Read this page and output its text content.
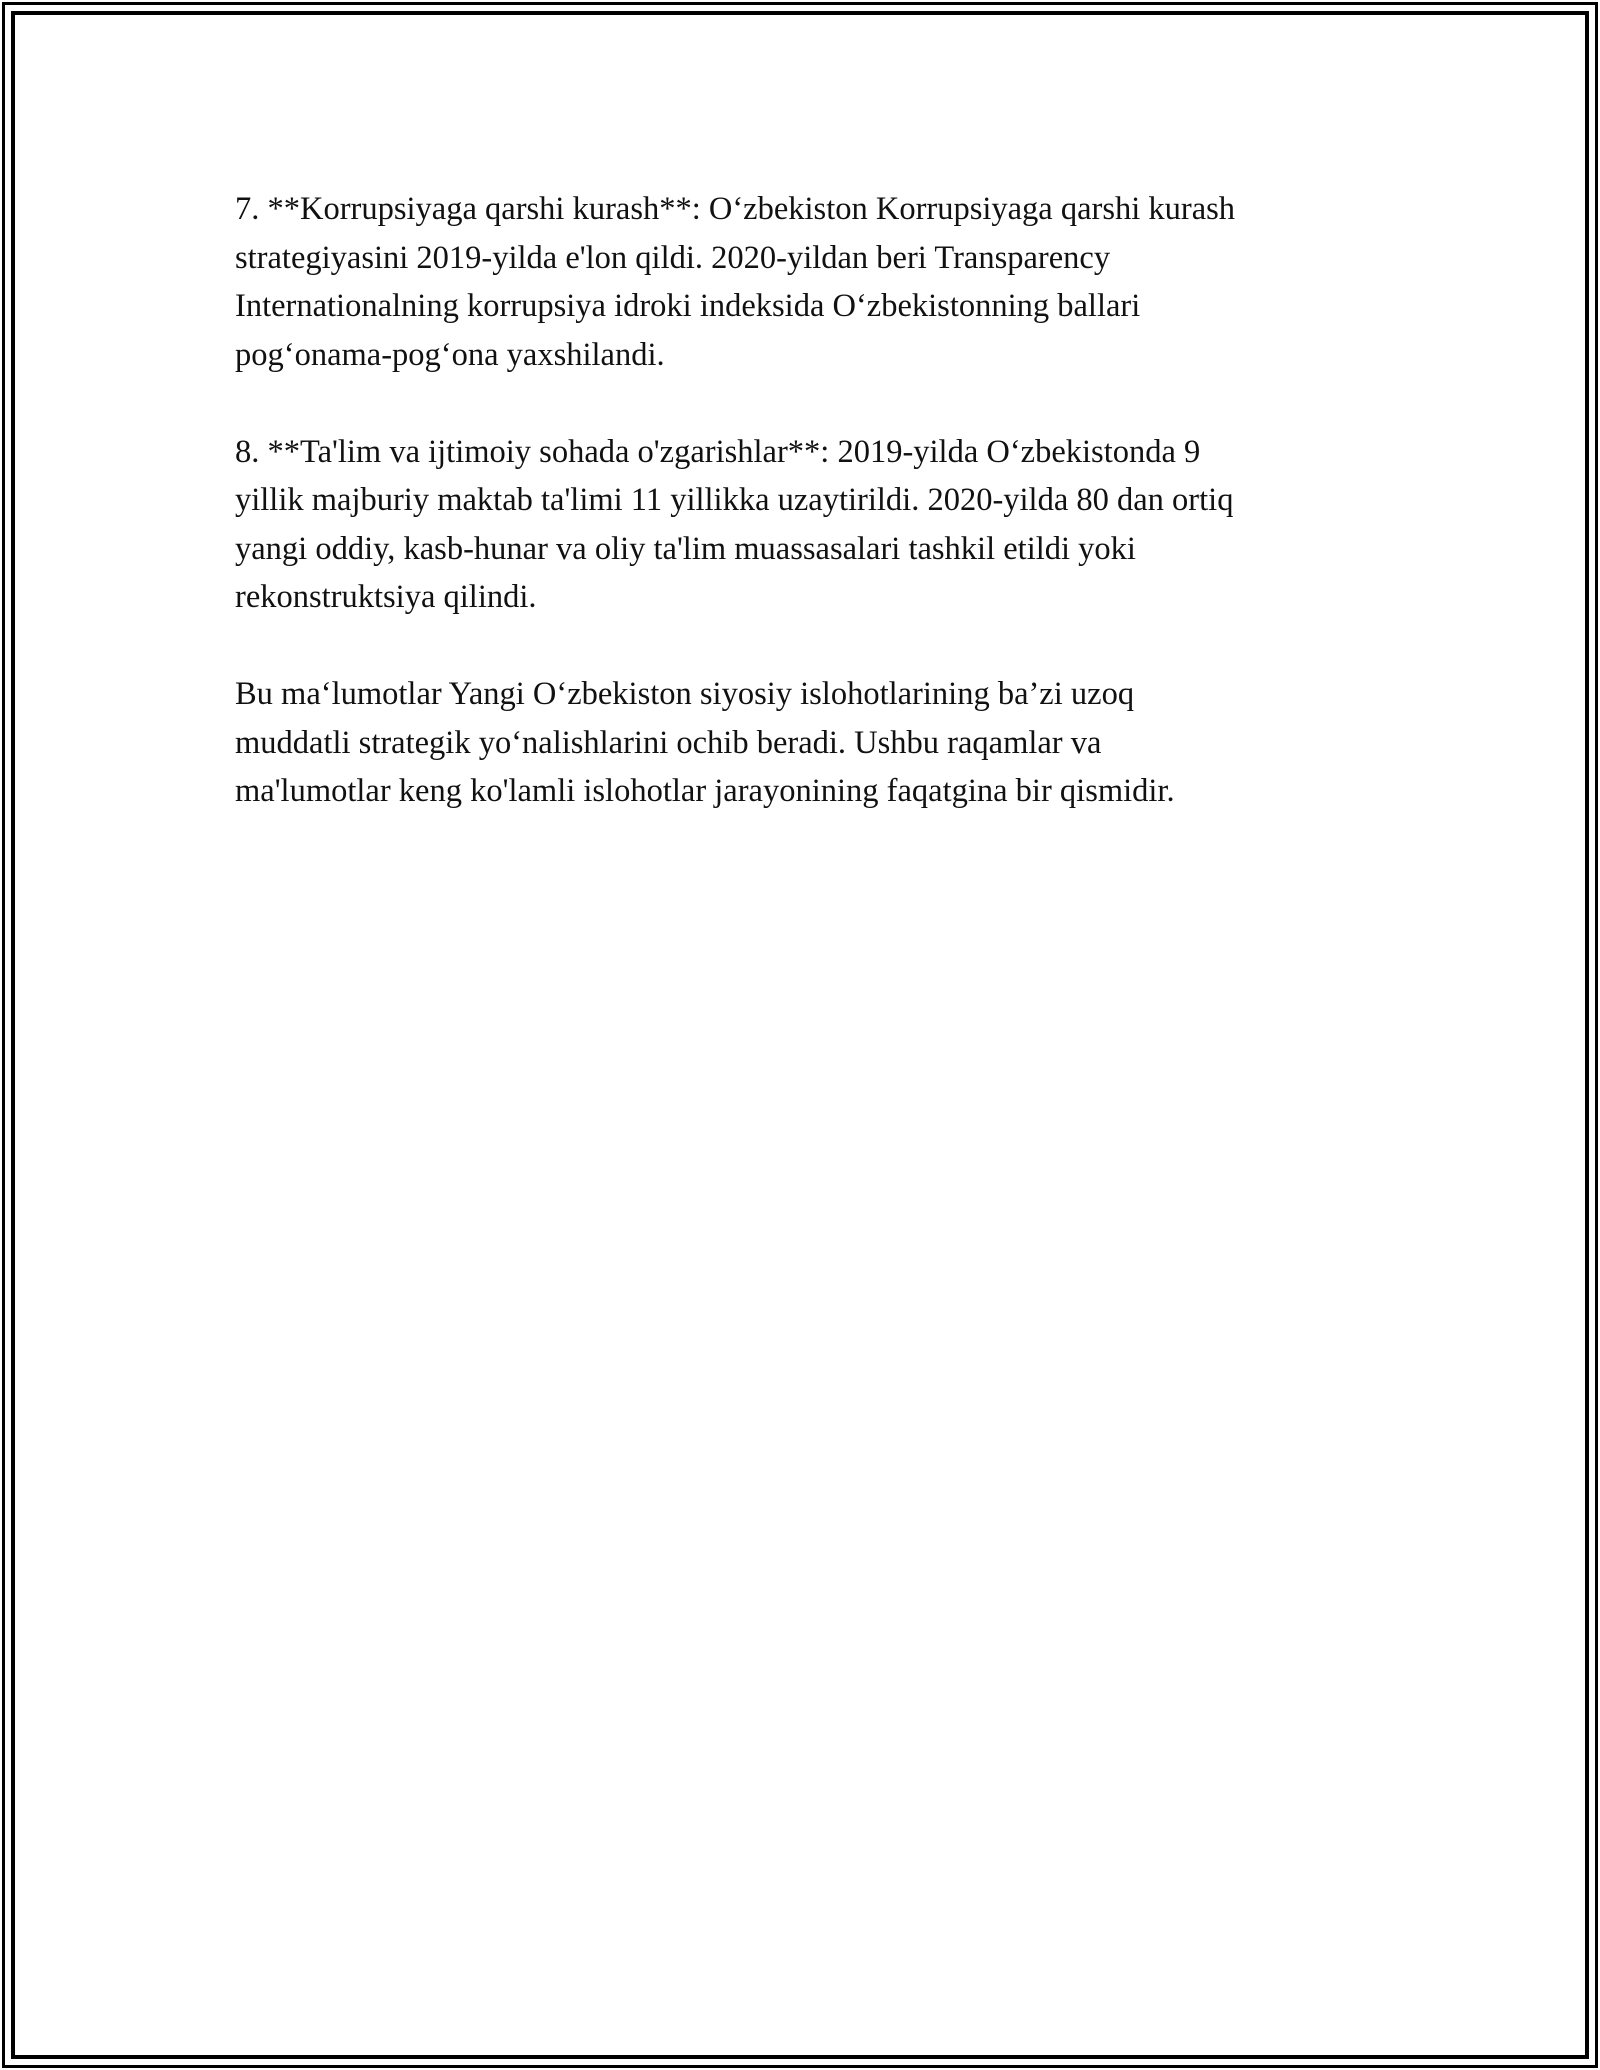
7. **Korrupsiyaga qarshi kurash**: O‘zbekiston Korrupsiyaga qarshi kurash
strategiyasini 2019-yilda e'lon qildi. 2020-yildan beri Transparency
Internationalning korrupsiya idroki indeksida O‘zbekistonning ballari
pog‘onama-pog‘ona yaxshilandi.

8. **Ta'lim va ijtimoiy sohada o'zgarishlar**: 2019-yilda O‘zbekistonda 9
yillik majburiy maktab ta'limi 11 yillikka uzaytirildi. 2020-yilda 80 dan ortiq
yangi oddiy, kasb-hunar va oliy ta'lim muassasalari tashkil etildi yoki
rekonstruktsiya qilindi.

Bu ma‘lumotlar Yangi O‘zbekiston siyosiy islohotlarining ba’zi uzoq
muddatli strategik yo‘nalishlarini ochib beradi. Ushbu raqamlar va
ma'lumotlar keng ko'lamli islohotlar jarayonining faqatgina bir qismidir.
